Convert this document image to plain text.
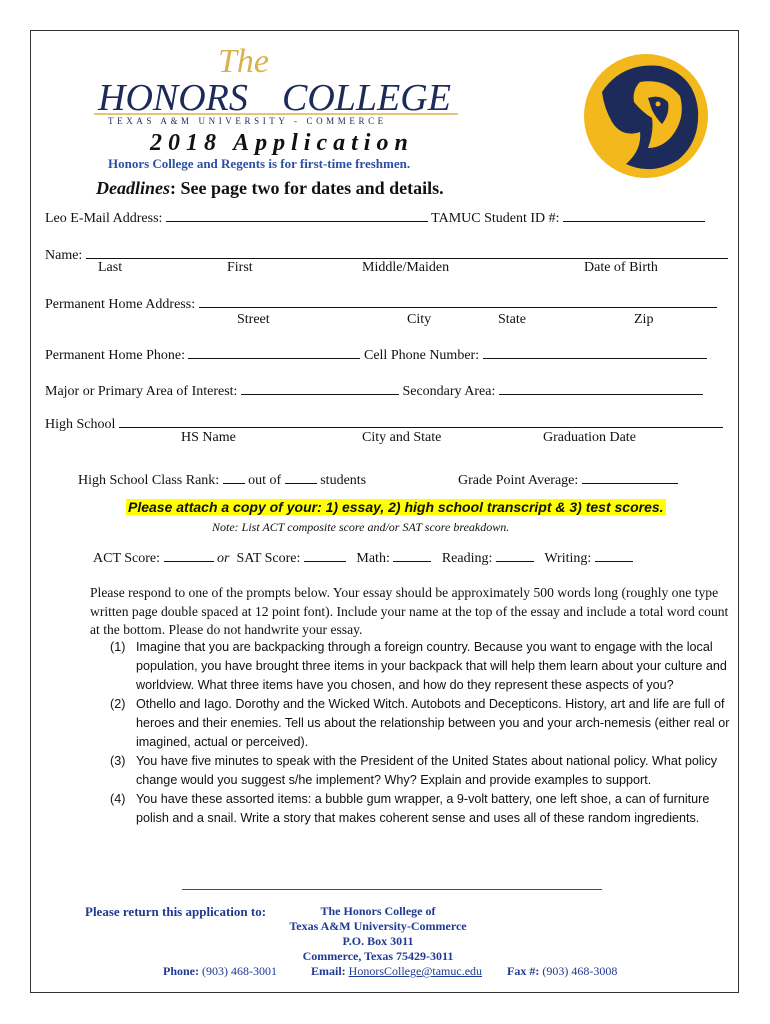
The
HONORS COLLEGE
TEXAS A&M UNIVERSITY - COMMERCE
2018 Application
Honors College and Regents is for first-time freshmen.
Deadlines: See page two for dates and details.
Leo E-Mail Address:	TAMUC Student ID #:
Name:
Last	First	Middle/Maiden	Date of Birth
Permanent Home Address:
Street	City	State	Zip
Permanent Home Phone:	Cell Phone Number:
Major or Primary Area of Interest:	Secondary Area:
High School
HS Name	City and State	Graduation Date
High School Class Rank: out of	students	Grade Point Average:
Please attach a copy of your: 1) essay, 2) high school transcript & 3) test scores.
Note: List ACT composite score and/or SAT score breakdown.
ACT Score:	or SAT Score:	Math:	Reading:	Writing:
Please respond to one of the prompts below. Your essay should be approximately 500 words long (roughly one type written page double spaced at 12 point font). Include your name at the top of the essay and include a total word count at the bottom. Please do not handwrite your essay.
(1) Imagine that you are backpacking through a foreign country. Because you want to engage with the local population, you have brought three items in your backpack that will help them learn about your culture and worldview. What three items have you chosen, and how do they represent these aspects of you?
(2) Othello and Iago. Dorothy and the Wicked Witch. Autobots and Decepticons. History, art and life are full of heroes and their enemies. Tell us about the relationship between you and your arch-nemesis (either real or imagined, actual or perceived).
(3) You have five minutes to speak with the President of the United States about national policy. What policy change would you suggest s/he implement? Why? Explain and provide examples to support.
(4) You have these assorted items: a bubble gum wrapper, a 9-volt battery, one left shoe, a can of furniture polish and a snail. Write a story that makes coherent sense and uses all of these random ingredients.
Please return this application to:	The Honors College of
Texas A&M University-Commerce
P.O. Box 3011
Commerce, Texas 75429-3011
Phone: (903) 468-3001	Email: HonorsCollege@tamuc.edu Fax #: (903) 468-3008
